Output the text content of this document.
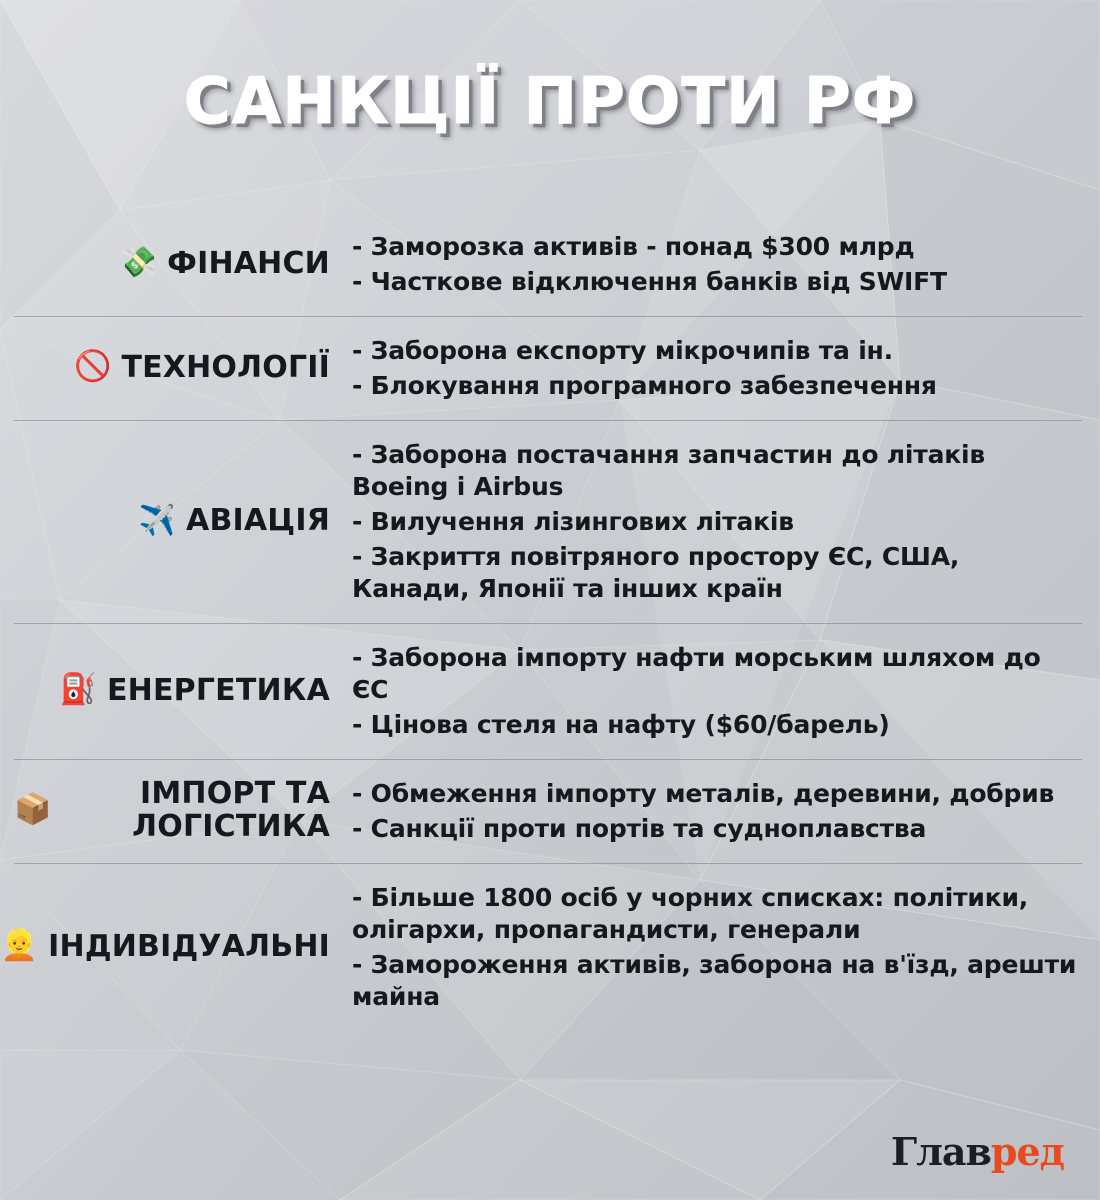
САНКЦІЇ ПРОТИ РФ
💸 ФІНАНСИ - Заморозка активів - понад $300 млрд

- Часткове відключення банків від SWIFT

🚫 ТЕХНОЛОГІЇ - Заборона експорту мікрочипів та ін.

- Блокування програмного забезпечення

✈️ АВІАЦІЯ

- Заборона постачання запчастин до літаків Boeing і Airbus

- Вилучення лізингових літаків

- Закриття повітряного простору ЄС, США, Канади, Японії та інших країн

⛽ ЕНЕРГЕТИКА

- Заборона імпорту нафти морським шляхом до ЄС

- Цінова стеля на нафту ($60/барель)

📦	ІМПОРТ ТА ЛОГІСТИКА

- Обмеження імпорту металів, деревини, добрив

- Санкції проти портів та судноплавства

👱 ІНДИВІДУАЛЬНІ

- Більше 1800 осіб у чорних списках: політики, олігархи, пропагандисти, генерали

- Замороження активів, заборона на в'їзд, арешти майна

Главред
